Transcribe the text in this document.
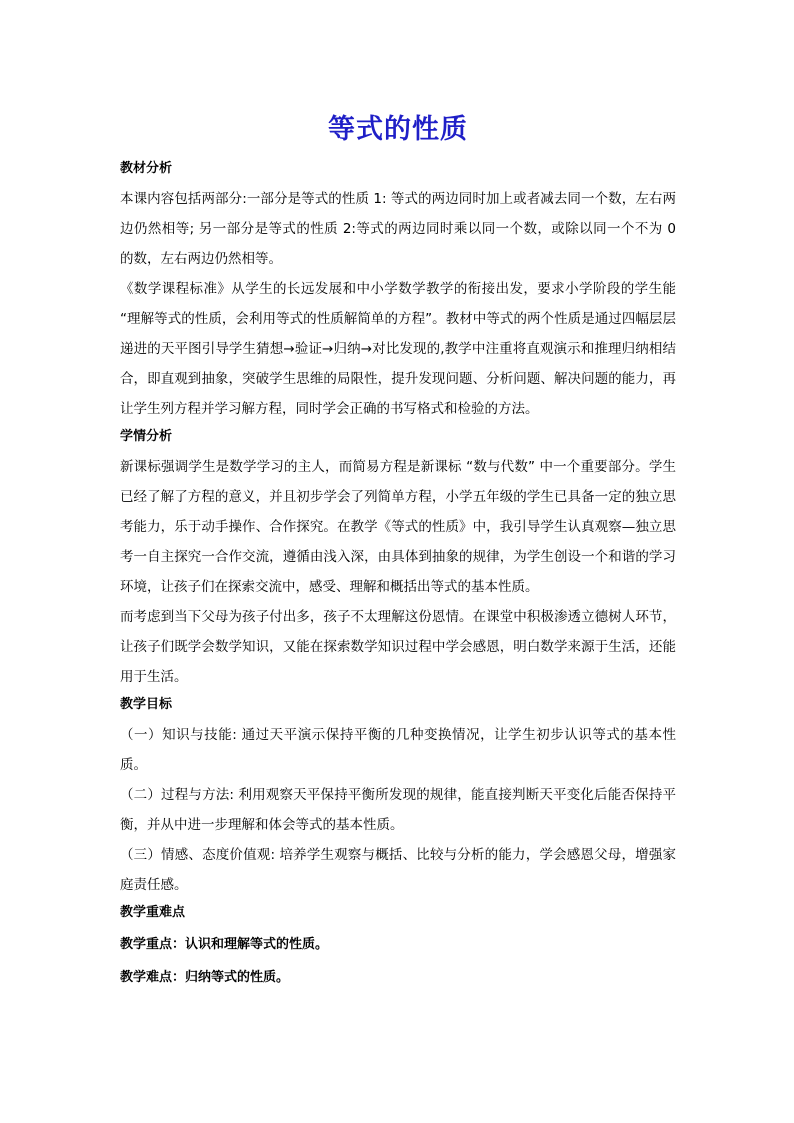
等式的性质

教材分析

本课内容包括两部分:一部分是等式的性质 1: 等式的两边同时加上或者减去同一个数，左右两边仍然相等; 另一部分是等式的性质 2:等式的两边同时乘以同一个数，或除以同一个不为 0 的数，左右两边仍然相等。

《数学课程标准》从学生的长远发展和中小学数学教学的衔接出发，要求小学阶段的学生能 “理解等式的性质，会利用等式的性质解简单的方程”。教材中等式的两个性质是通过四幅层层递进的天平图引导学生猜想→验证→归纳→对比发现的,教学中注重将直观演示和推理归纳相结合，即直观到抽象，突破学生思维的局限性，提升发现问题、分析问题、解决问题的能力，再让学生列方程并学习解方程，同时学会正确的书写格式和检验的方法。

学情分析

新课标强调学生是数学学习的主人，而简易方程是新课标 “数与代数” 中一个重要部分。学生已经了解了方程的意义，并且初步学会了列简单方程，小学五年级的学生已具备一定的独立思考能力，乐于动手操作、合作探究。在教学《等式的性质》中，我引导学生认真观察—独立思考一自主探究一合作交流，遵循由浅入深，由具体到抽象的规律，为学生创设一个和谐的学习环境，让孩子们在探索交流中，感受、理解和概括出等式的基本性质。

而考虑到当下父母为孩子付出多，孩子不太理解这份恩情。在课堂中积极渗透立德树人环节，让孩子们既学会数学知识，又能在探索数学知识过程中学会感恩，明白数学来源于生活，还能用于生活。

教学目标

（一）知识与技能: 通过天平演示保持平衡的几种变换情况，让学生初步认识等式的基本性质。

（二）过程与方法: 利用观察天平保持平衡所发现的规律，能直接判断天平变化后能否保持平衡，并从中进一步理解和体会等式的基本性质。

（三）情感、态度价值观: 培养学生观察与概括、比较与分析的能力，学会感恩父母，增强家庭责任感。

教学重难点

教学重点：认识和理解等式的性质。

教学难点：归纳等式的性质。
